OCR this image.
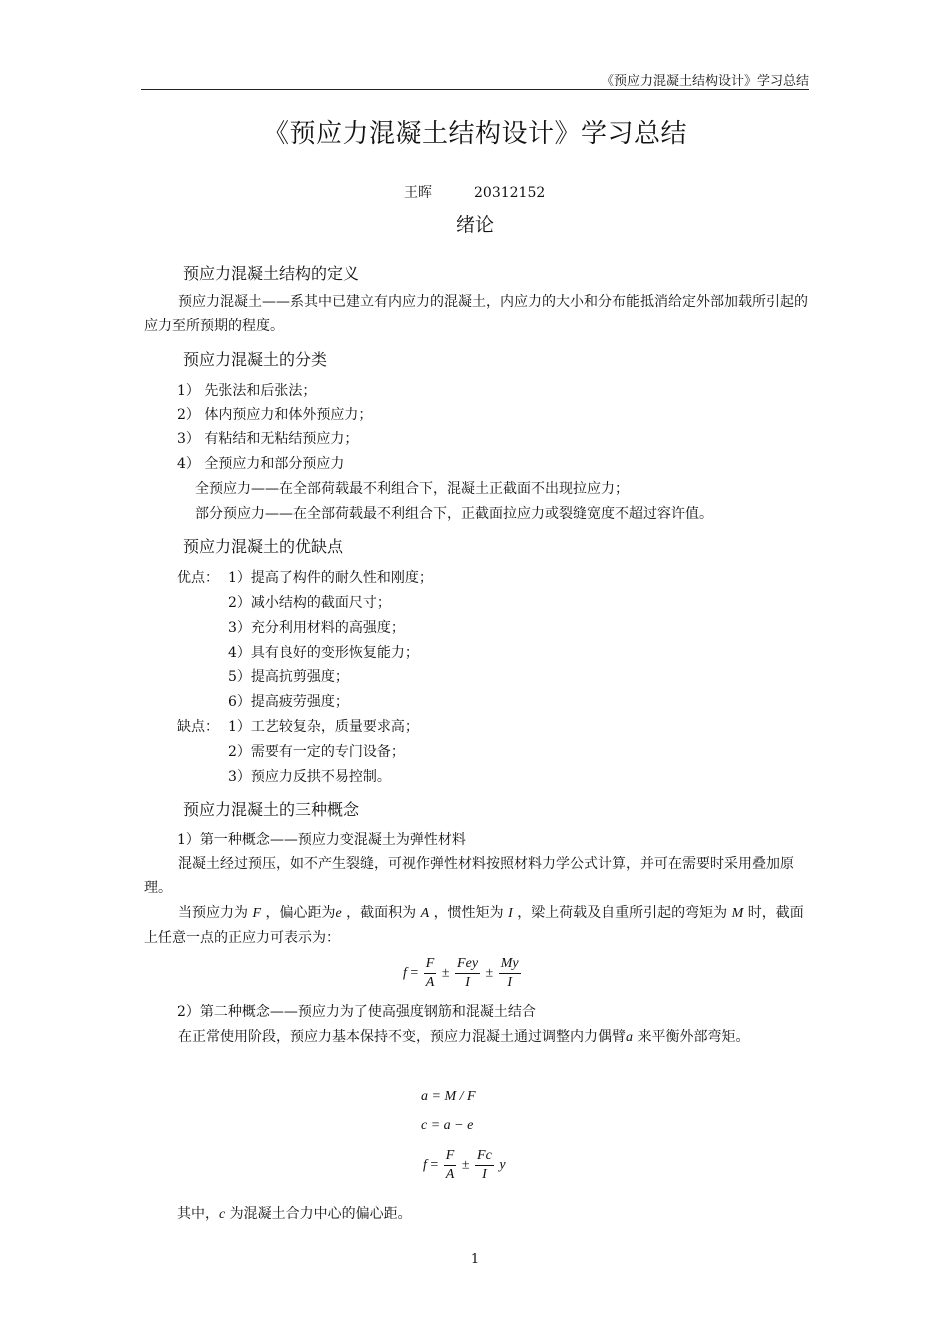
《预应力混凝土结构设计》学习总结
《预应力混凝土结构设计》学习总结
王晖	20312152
绪论
预应力混凝土结构的定义
预应力混凝土——系其中已建立有内应力的混凝土，内应力的大小和分布能抵消给定外部加载所引起的应力至所预期的程度。
预应力混凝土的分类
1） 先张法和后张法；
2） 体内预应力和体外预应力；
3） 有粘结和无粘结预应力；
4） 全预应力和部分预应力
全预应力——在全部荷载最不利组合下，混凝土正截面不出现拉应力；
部分预应力——在全部荷载最不利组合下，正截面拉应力或裂缝宽度不超过容许值。
预应力混凝土的优缺点
优点： 1）提高了构件的耐久性和刚度；
2）减小结构的截面尺寸；
3）充分利用材料的高强度；
4）具有良好的变形恢复能力；
5）提高抗剪强度；
6）提高疲劳强度；
缺点： 1）工艺较复杂，质量要求高；
2）需要有一定的专门设备；
3）预应力反拱不易控制。
预应力混凝土的三种概念
1）第一种概念——预应力变混凝土为弹性材料
混凝土经过预压，如不产生裂缝，可视作弹性材料按照材料力学公式计算，并可在需要时采用叠加原理。
当预应力为 F ，偏心距为e ，截面积为 A ，惯性矩为 I ，梁上荷载及自重所引起的弯矩为 M 时，截面上任意一点的正应力可表示为：
$f = \frac{F}{A} \pm \frac{\text{Fey}}{I} \pm \frac{My}{I}$
2）第二种概念——预应力为了使高强度钢筋和混凝土结合
在正常使用阶段，预应力基本保持不变，预应力混凝土通过调整内力偶臂a 来平衡外部弯矩。
a = M / F
c = a − e
$f = \frac{F}{A} \pm \frac{Fc}{I}$ y
其中，c 为混凝土合力中心的偏心距。
1
